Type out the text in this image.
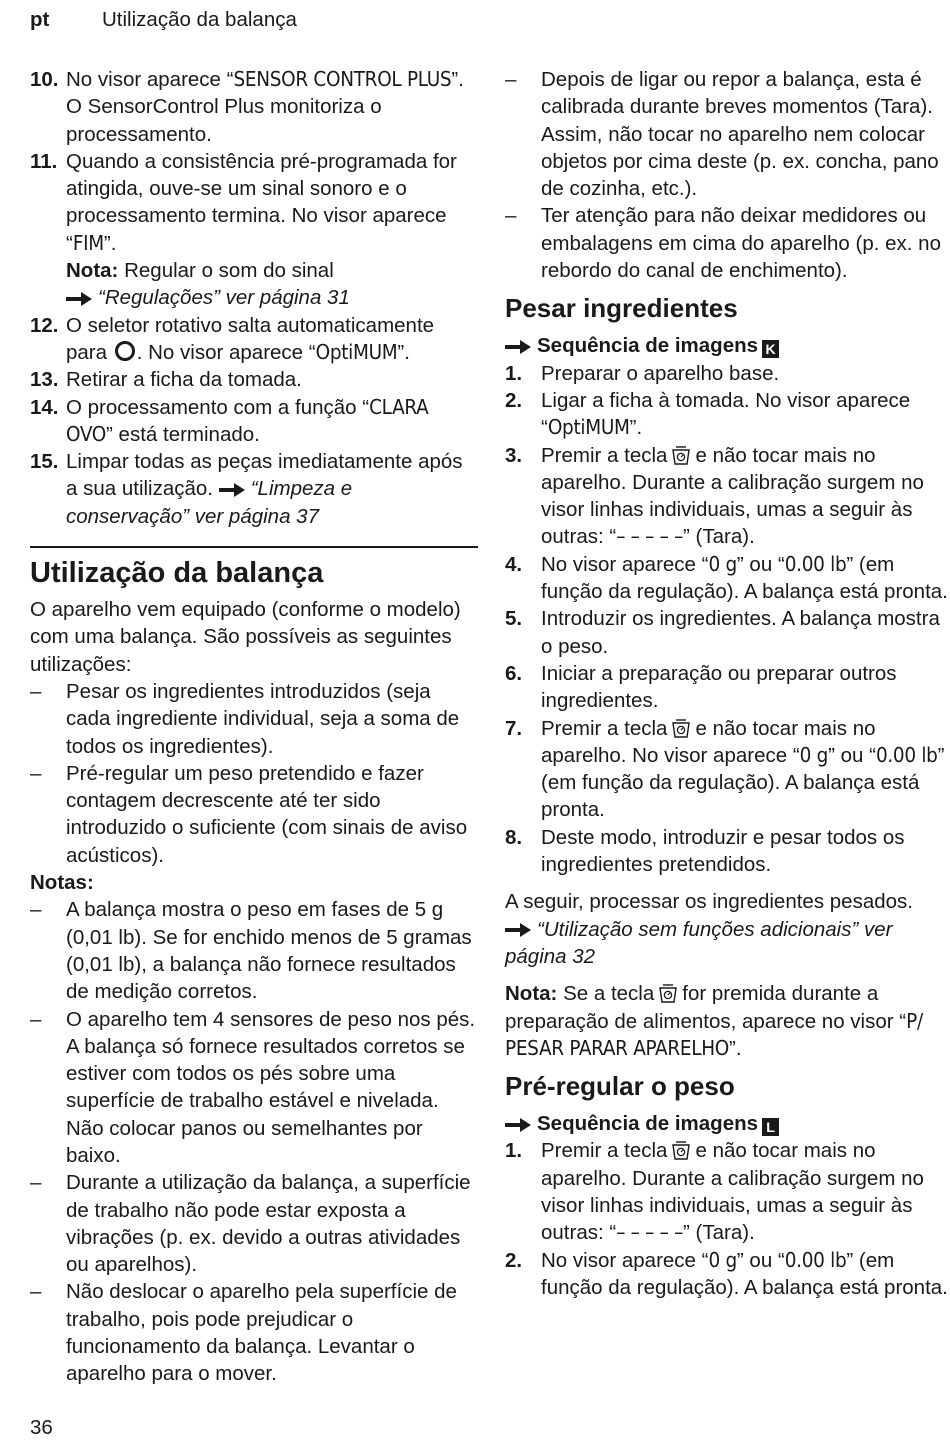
pt	Utilização da balança
10. No visor aparece “SENSOR CONTROL PLUS”. O SensorControl Plus monitoriza o processamento.
11. Quando a consistência pré-programada for atingida, ouve-se um sinal sonoro e o processamento termina. No visor aparece “FIM”.
Nota: Regular o som do sinal

“Regulações” ver página 31
12. O seletor rotativo salta automaticamente para . No visor aparece “OptiMUM”.
13. Retirar a ficha da tomada.
14. O processamento com a função “CLARA OVO” está terminado.
15. Limpar todas as peças imediatamente após a sua utilização. “Limpeza e conservação” ver página 37
Utilização da balança

O aparelho vem equipado (conforme o modelo) com uma balança. São possíveis as seguintes utilizações:

– Pesar os ingredientes introduzidos (seja cada ingrediente individual, seja a soma de todos os ingredientes).
– Pré-regular um peso pretendido e fazer contagem decrescente até ter sido introduzido o suficiente (com sinais de aviso acústicos).

Notas:

– A balança mostra o peso em fases de 5 g (0,01 lb). Se for enchido menos de 5 gramas (0,01 lb), a balança não fornece resultados de medição corretos.
– O aparelho tem 4 sensores de peso nos pés. A balança só fornece resultados corretos se estiver com todos os pés sobre uma superfície de trabalho estável e nivelada. Não colocar panos ou semelhantes por baixo.
– Durante a utilização da balança, a superfície de trabalho não pode estar exposta a vibrações (p. ex. devido a outras atividades ou aparelhos).
– Não deslocar o aparelho pela superfície de trabalho, pois pode prejudicar o funcionamento da balança. Levantar o aparelho para o mover.
– Depois de ligar ou repor a balança, esta é calibrada durante breves momentos (Tara). Assim, não tocar no aparelho nem colocar objetos por cima deste (p. ex. concha, pano de cozinha, etc.).
– Ter atenção para não deixar medidores ou embalagens em cima do aparelho (p. ex. no rebordo do canal de enchimento).
Pesar ingredientes
Sequência de imagens K
1. Preparar o aparelho base.
2. Ligar a ficha à tomada. No visor aparece “OptiMUM”.
3. Premir a tecla e não tocar mais no aparelho. Durante a calibração surgem no visor linhas individuais, umas a seguir às outras: “– – – – –” (Tara).
4. No visor aparece “0 g” ou “0.00 lb” (em função da regulação). A balança está pronta.
5. Introduzir os ingredientes. A balança mostra o peso.
6. Iniciar a preparação ou preparar outros ingredientes.
7. Premir a tecla e não tocar mais no aparelho. No visor aparece “0 g” ou “0.00 lb” (em função da regulação). A balança está pronta.
8. Deste modo, introduzir e pesar todos os ingredientes pretendidos.

A seguir, processar os ingredientes pesados.

“Utilização sem funções adicionais” ver página 32

Nota: Se a tecla for premida durante a preparação de alimentos, aparece no visor “P/ PESAR PARAR APARELHO”.

Pré-regular o peso
Sequência de imagens L
1. Premir a tecla e não tocar mais no aparelho. Durante a calibração surgem no visor linhas individuais, umas a seguir às outras: “– – – – –” (Tara).
2. No visor aparece “0 g” ou “0.00 lb” (em função da regulação). A balança está pronta.
36
